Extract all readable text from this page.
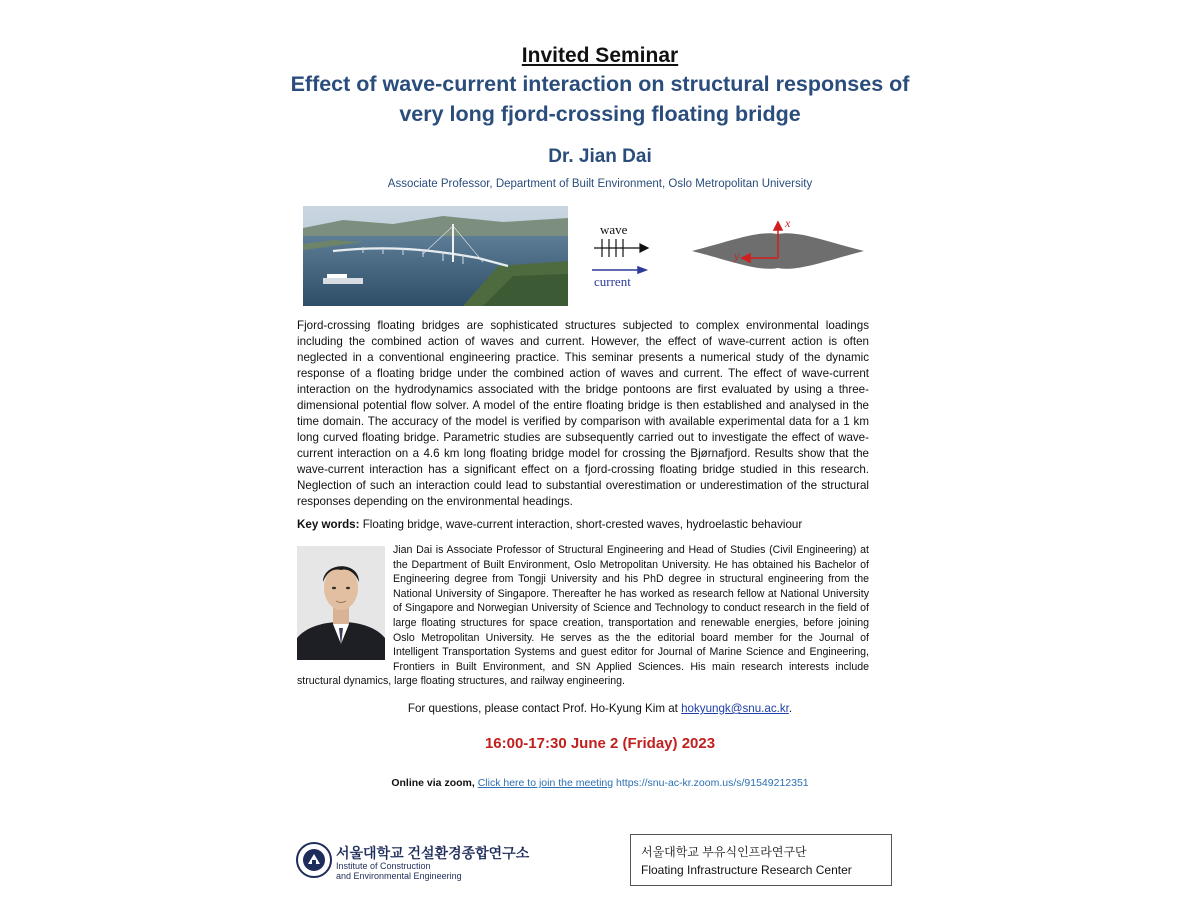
Invited Seminar
Effect of wave-current interaction on structural responses of
very long fjord-crossing floating bridge
Dr. Jian Dai
Associate Professor, Department of Built Environment, Oslo Metropolitan University
wave
current
x
y
Fjord-crossing floating bridges are sophisticated structures subjected to complex environmental loadings including the combined action of waves and current. However, the effect of wave-current action is often neglected in a conventional engineering practice. This seminar presents a numerical study of the dynamic response of a floating bridge under the combined action of waves and current. The effect of wave-current interaction on the hydrodynamics associated with the bridge pontoons are first evaluated by using a three-dimensional potential flow solver. A model of the entire floating bridge is then established and analysed in the time domain. The accuracy of the model is verified by comparison with available experimental data for a 1 km long curved floating bridge. Parametric studies are subsequently carried out to investigate the effect of wave-current interaction on a 4.6 km long floating bridge model for crossing the Bjørnafjord. Results show that the wave-current interaction has a significant effect on a fjord-crossing floating bridge studied in this research. Neglection of such an interaction could lead to substantial overestimation or underestimation of the structural responses depending on the environmental headings.
Key words: Floating bridge, wave-current interaction, short-crested waves, hydroelastic behaviour
Jian Dai is Associate Professor of Structural Engineering and Head of Studies (Civil Engineering) at the Department of Built Environment, Oslo Metropolitan University. He has obtained his Bachelor of Engineering degree from Tongji University and his PhD degree in structural engineering from the National University of Singapore. Thereafter he has worked as research fellow at National University of Singapore and Norwegian University of Science and Technology to conduct research in the field of large floating structures for space creation, transportation and renewable energies, before joining Oslo Metropolitan University. He serves as the the editorial board member for the Journal of Intelligent Transportation Systems and guest editor for Journal of Marine Science and Engineering, Frontiers in Built Environment, and SN Applied Sciences. His main research interests include structural dynamics, large floating structures, and railway engineering.
For questions, please contact Prof. Ho-Kyung Kim at hokyungk@snu.ac.kr.
16:00-17:30 June 2 (Friday) 2023
Online via zoom, Click here to join the meeting https://snu-ac-kr.zoom.us/s/91549212351
서울대학교 건설환경종합연구소
Institute of Construction
and Environmental Engineering
서울대학교 부유식인프라연구단
Floating Infrastructure Research Center
